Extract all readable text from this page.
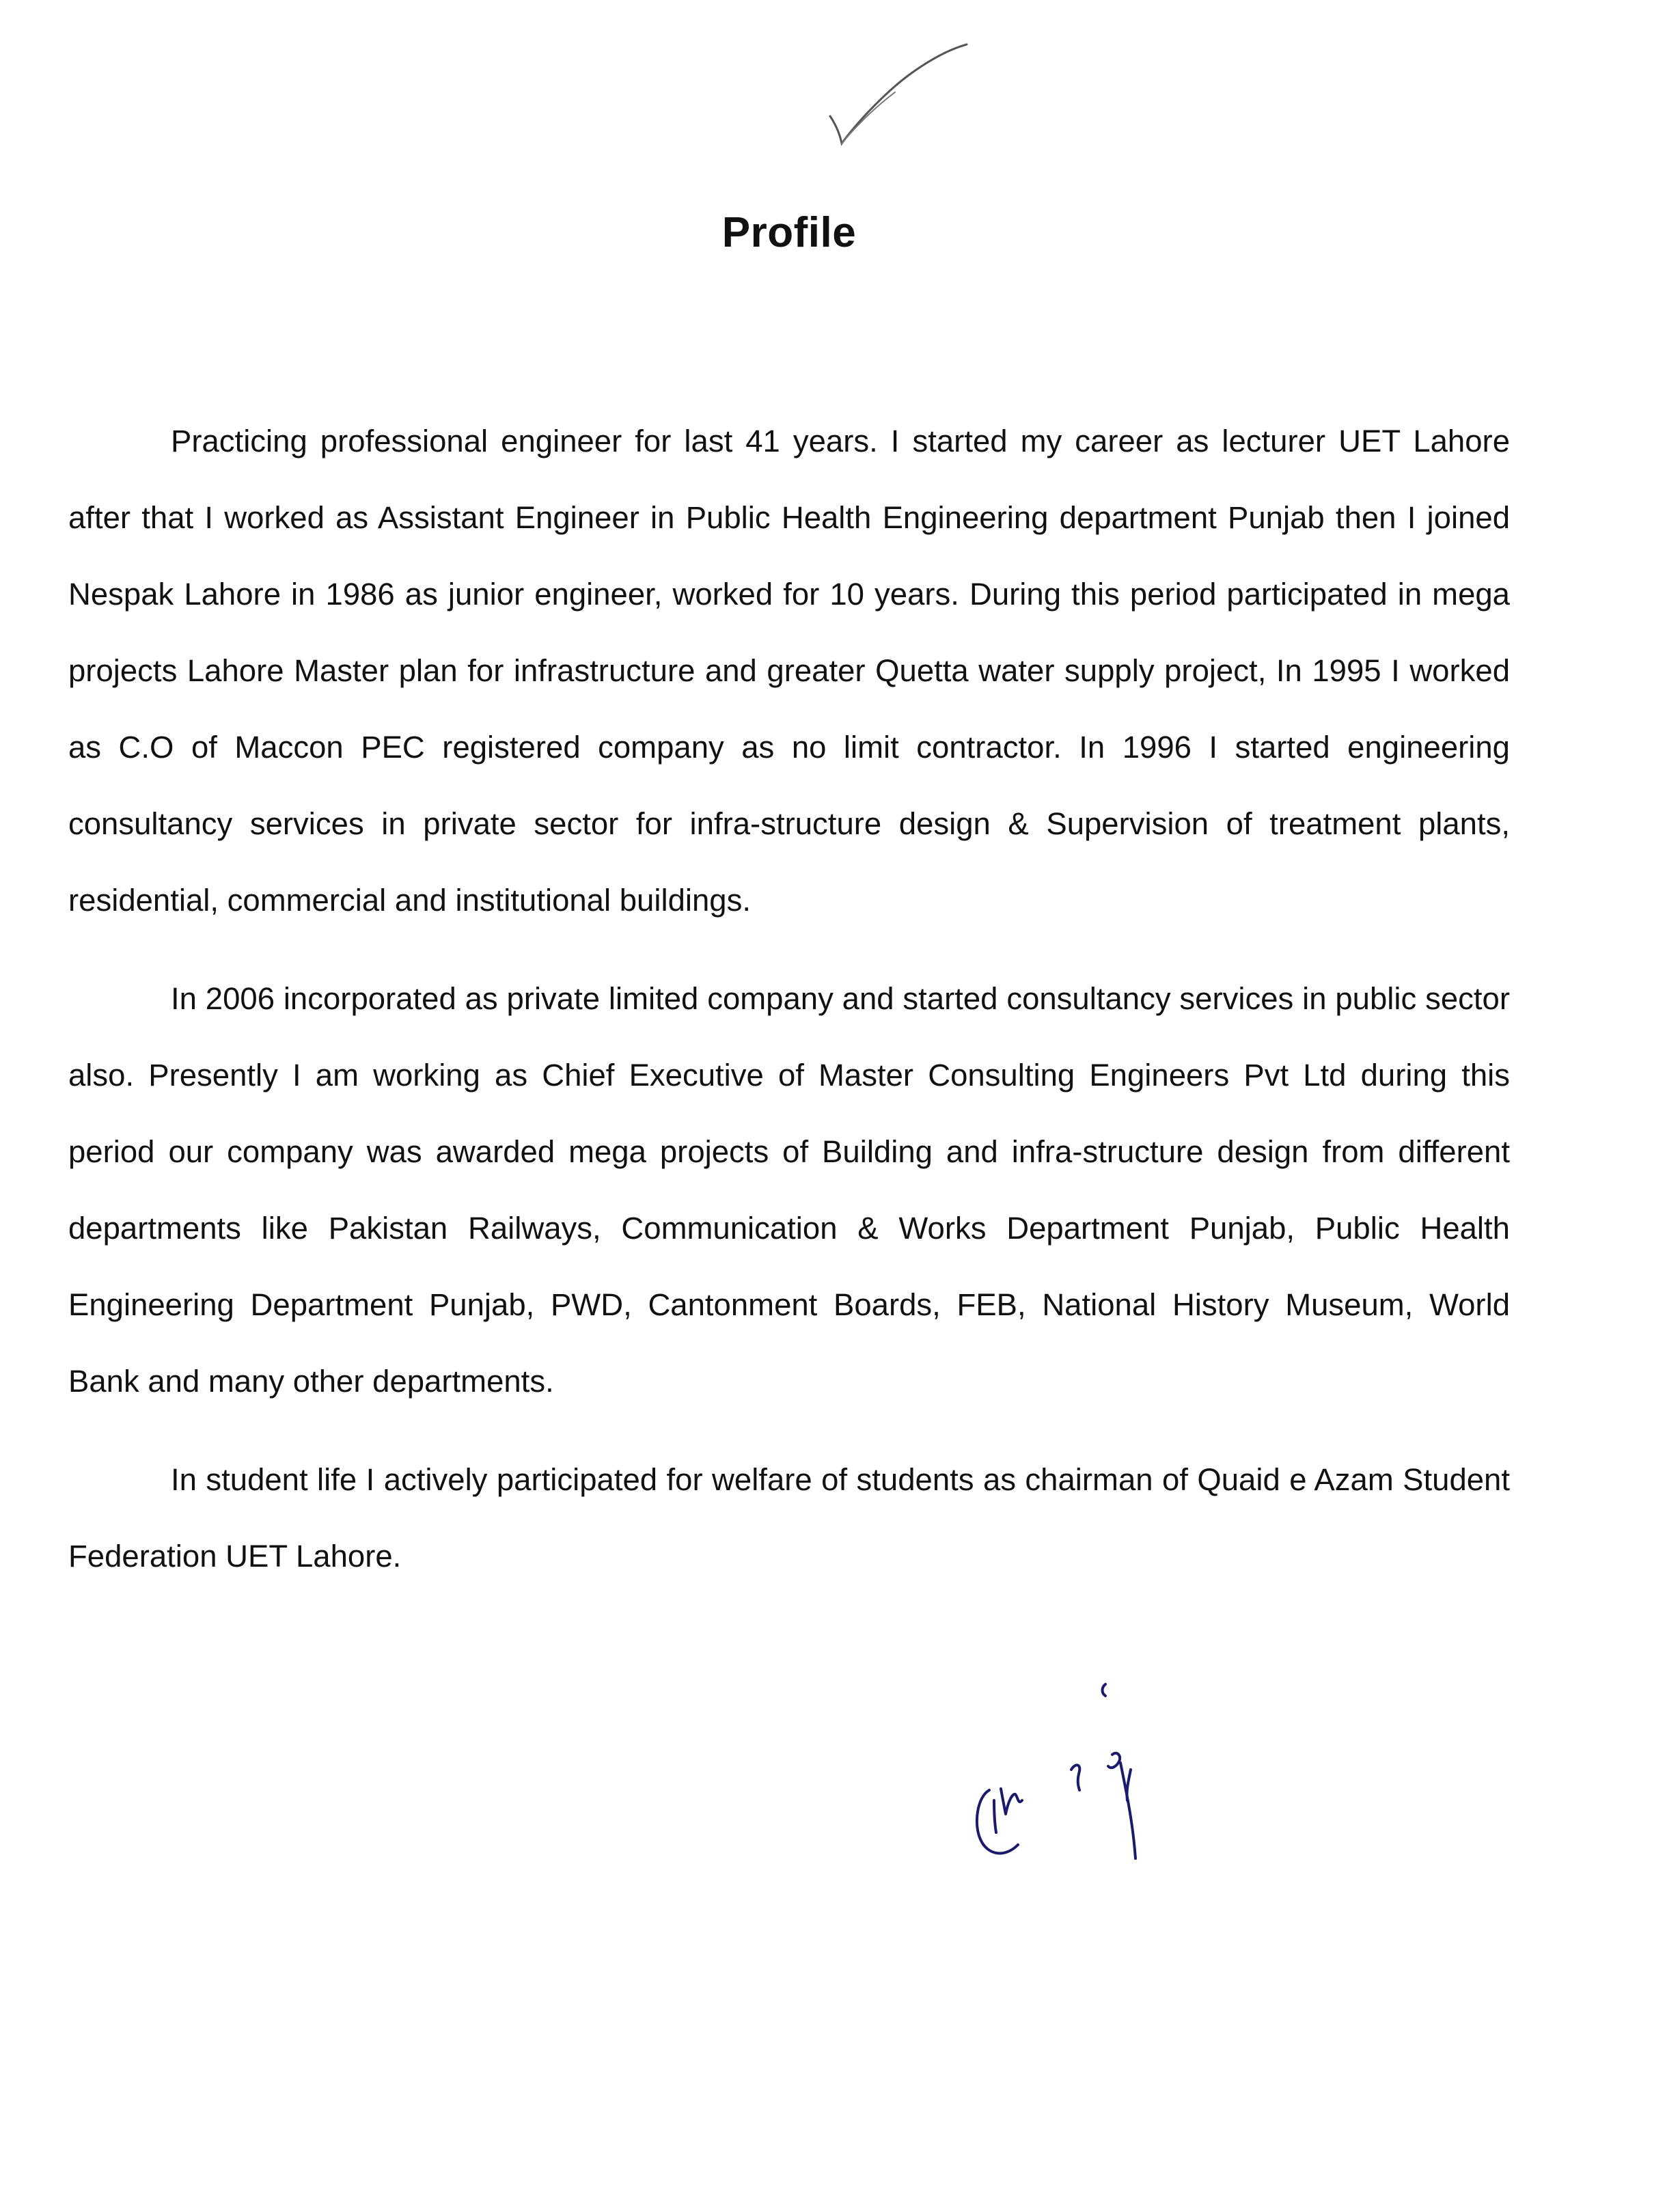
Profile

Practicing professional engineer for last 41 years. I started my career as lecturer UET Lahore after that I worked as Assistant Engineer in Public Health Engineering department Punjab then I joined Nespak Lahore in 1986 as junior engineer, worked for 10 years. During this period participated in mega projects Lahore Master plan for infrastructure and greater Quetta water supply project, In 1995 I worked as C.O of Maccon PEC registered company as no limit contractor. In 1996 I started engineering consultancy services in private sector for infra-structure design & Supervision of treatment plants, residential, commercial and institutional buildings.

In 2006 incorporated as private limited company and started consultancy services in public sector also. Presently I am working as Chief Executive of Master Consulting Engineers Pvt Ltd during this period our company was awarded mega projects of Building and infra-structure design from different departments like Pakistan Railways, Communication & Works Department Punjab, Public Health Engineering Department Punjab, PWD, Cantonment Boards, FEB, National History Museum, World Bank and many other departments.

In student life I actively participated for welfare of students as chairman of Quaid e Azam Student Federation UET Lahore.
